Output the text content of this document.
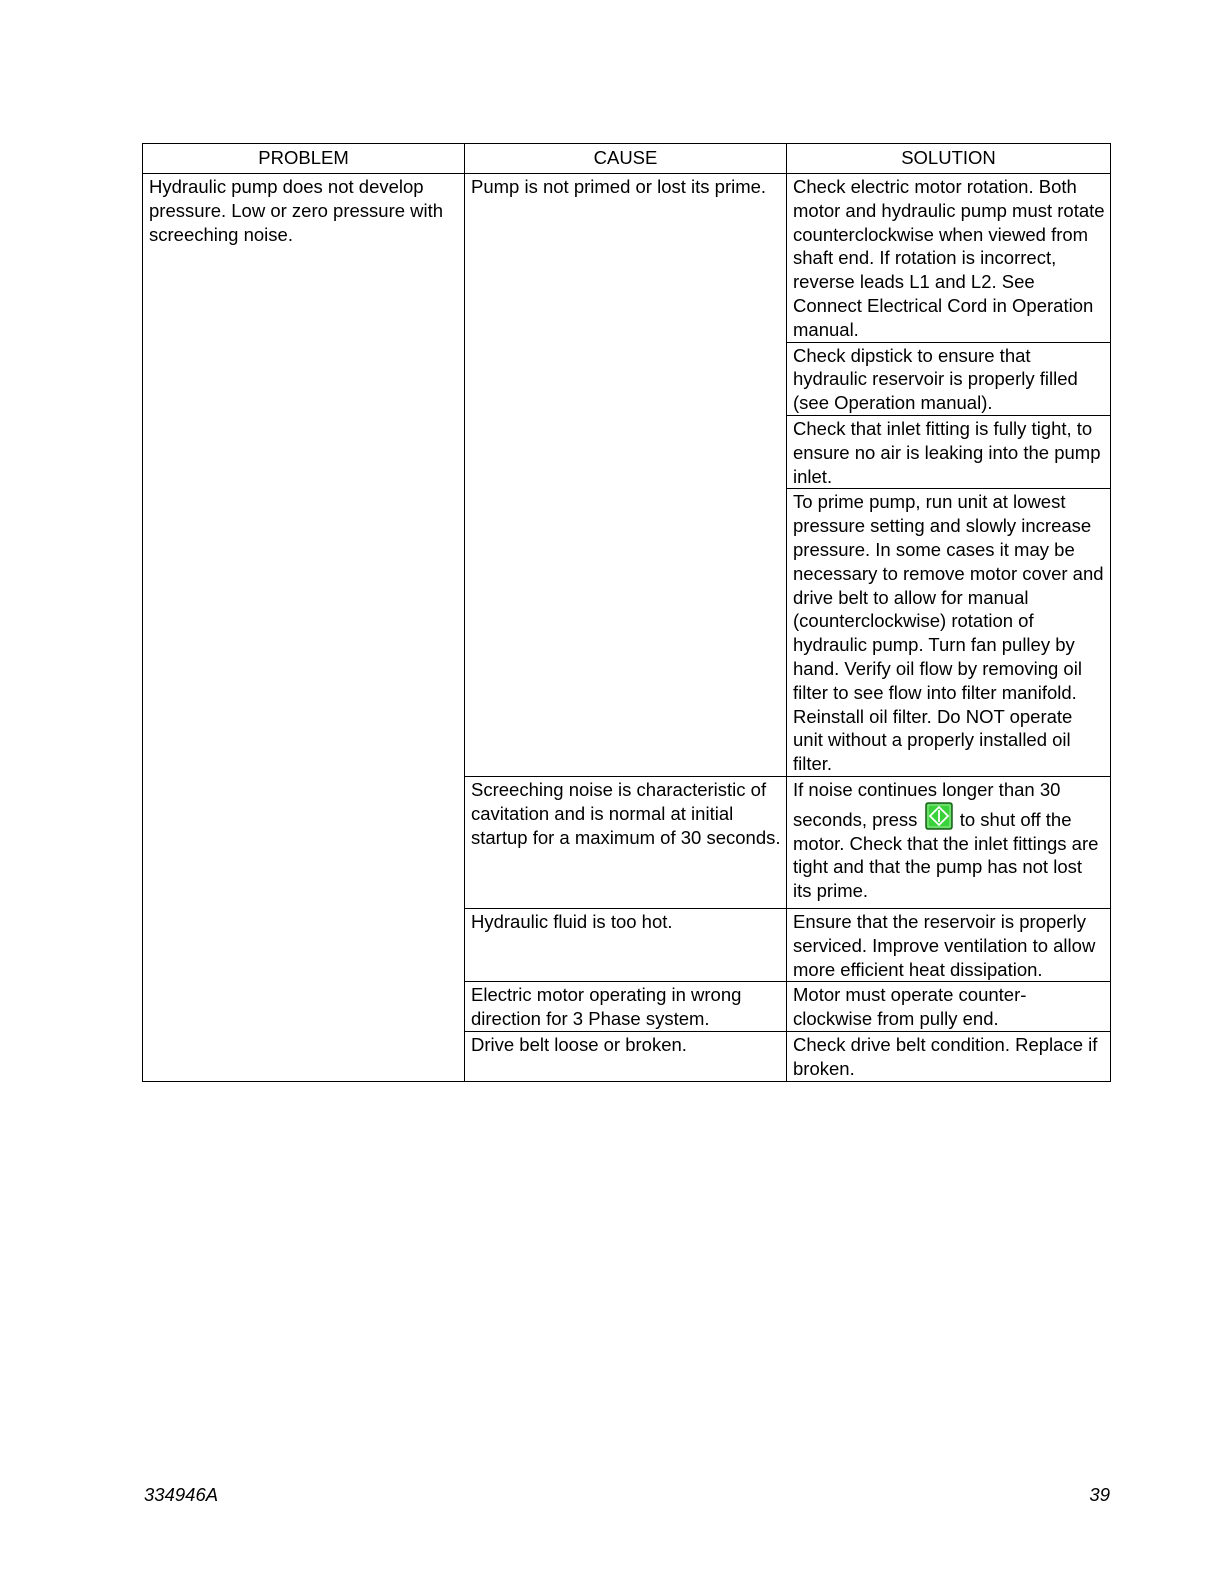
PROBLEM	CAUSE	SOLUTION
Hydraulic pump does not develop pressure. Low or zero pressure with screeching noise.	Pump is not primed or lost its prime.	Check electric motor rotation. Both motor and hydraulic pump must rotate counterclockwise when viewed from shaft end. If rotation is incorrect, reverse leads L1 and L2. See Connect Electrical Cord in Operation manual.
		Check dipstick to ensure that hydraulic reservoir is properly filled (see Operation manual).
		Check that inlet fitting is fully tight, to ensure no air is leaking into the pump inlet.
		To prime pump, run unit at lowest pressure setting and slowly increase pressure. In some cases it may be necessary to remove motor cover and drive belt to allow for manual (counterclockwise) rotation of hydraulic pump. Turn fan pulley by hand. Verify oil flow by removing oil filter to see flow into filter manifold. Reinstall oil filter. Do NOT operate unit without a properly installed oil filter.
	Screeching noise is characteristic of cavitation and is normal at initial startup for a maximum of 30 seconds.	If noise continues longer than 30 seconds, press to shut off the motor. Check that the inlet fittings are tight and that the pump has not lost its prime.
	Hydraulic fluid is too hot.	Ensure that the reservoir is properly serviced. Improve ventilation to allow more efficient heat dissipation.
	Electric motor operating in wrong direction for 3 Phase system.	Motor must operate counter-clockwise from pully end.
	Drive belt loose or broken.	Check drive belt condition. Replace if broken.
334946A	39
